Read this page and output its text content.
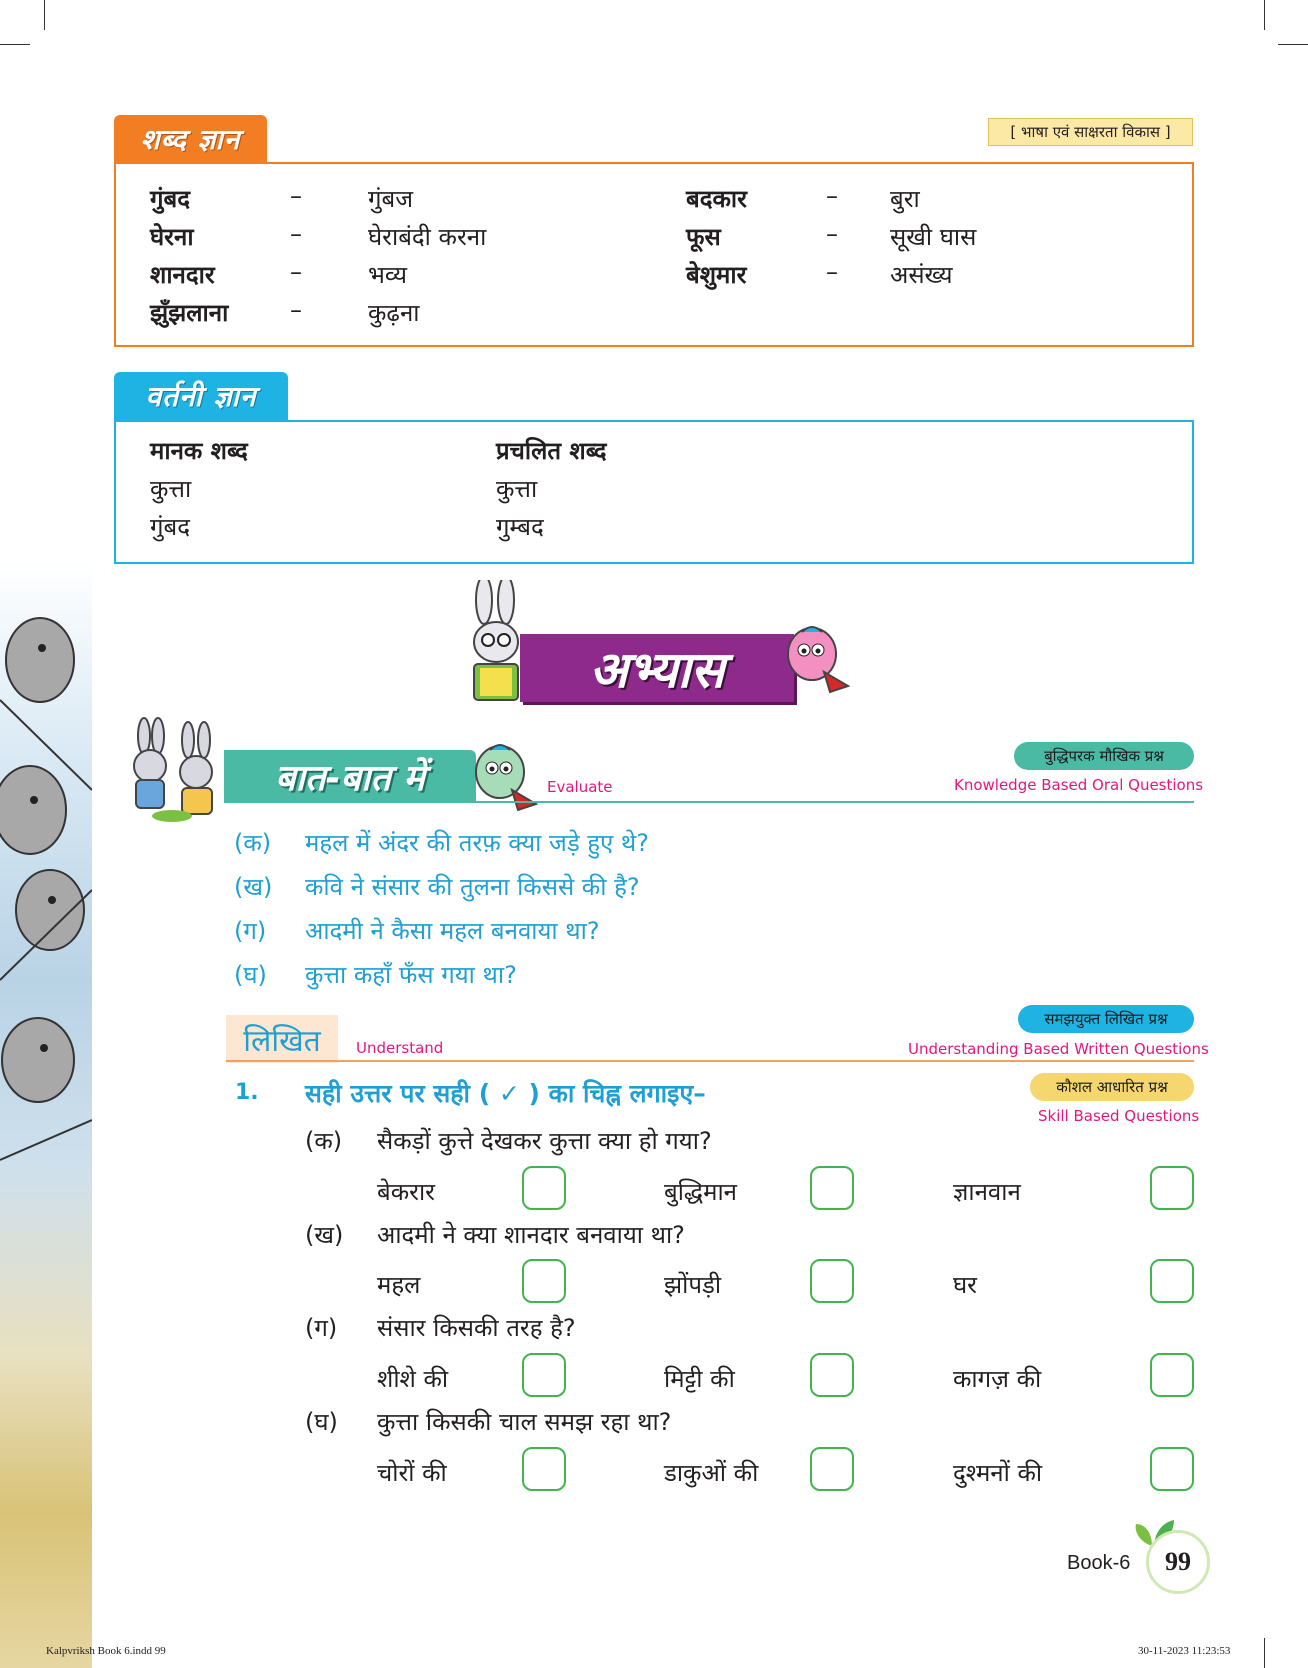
[ भाषा एवं साक्षरता विकास ]
शब्द ज्ञान
गुंबद	–	गुंबज
घेरना	–	घेराबंदी करना
शानदार	–	भव्य
झुँझलाना	–	कुढ़ना
बदकार	– बुरा
फूस	– सूखी घास
बेशुमार	– असंख्य
वर्तनी ज्ञान
मानक शब्द	प्रचलित शब्द
कुत्ता	कुत्ता
गुंबद	गुम्बद
अभ्यास
बात-बात में	Evaluate
बुद्धिपरक मौखिक प्रश्न
Knowledge Based Oral Questions
(क) महल में अंदर की तरफ़ क्या जड़े हुए थे?
(ख) कवि ने संसार की तुलना किससे की है?
(ग) आदमी ने कैसा महल बनवाया था?
(घ) कुत्ता कहाँ फँस गया था?
लिखित	Understand
समझयुक्त लिखित प्रश्न
Understanding Based Written Questions
1. सही उत्तर पर सही ( ✓ ) का चिह्न लगाइए–	कौशल आधारित प्रश्न
Skill Based Questions
(क) सैकड़ों कुत्ते देखकर कुत्ता क्या हो गया?
बेकरार	बुद्धिमान	ज्ञानवान
(ख) आदमी ने क्या शानदार बनवाया था?
महल	झोंपड़ी	घर
(ग) संसार किसकी तरह है?
शीशे की	मिट्टी की	कागज़ की
(घ) कुत्ता किसकी चाल समझ रहा था?
चोरों की	डाकुओं की	दुश्मनों की
Book-6	99
Kalpvriksh Book 6.indd 99	30-11-2023 11:23:53
